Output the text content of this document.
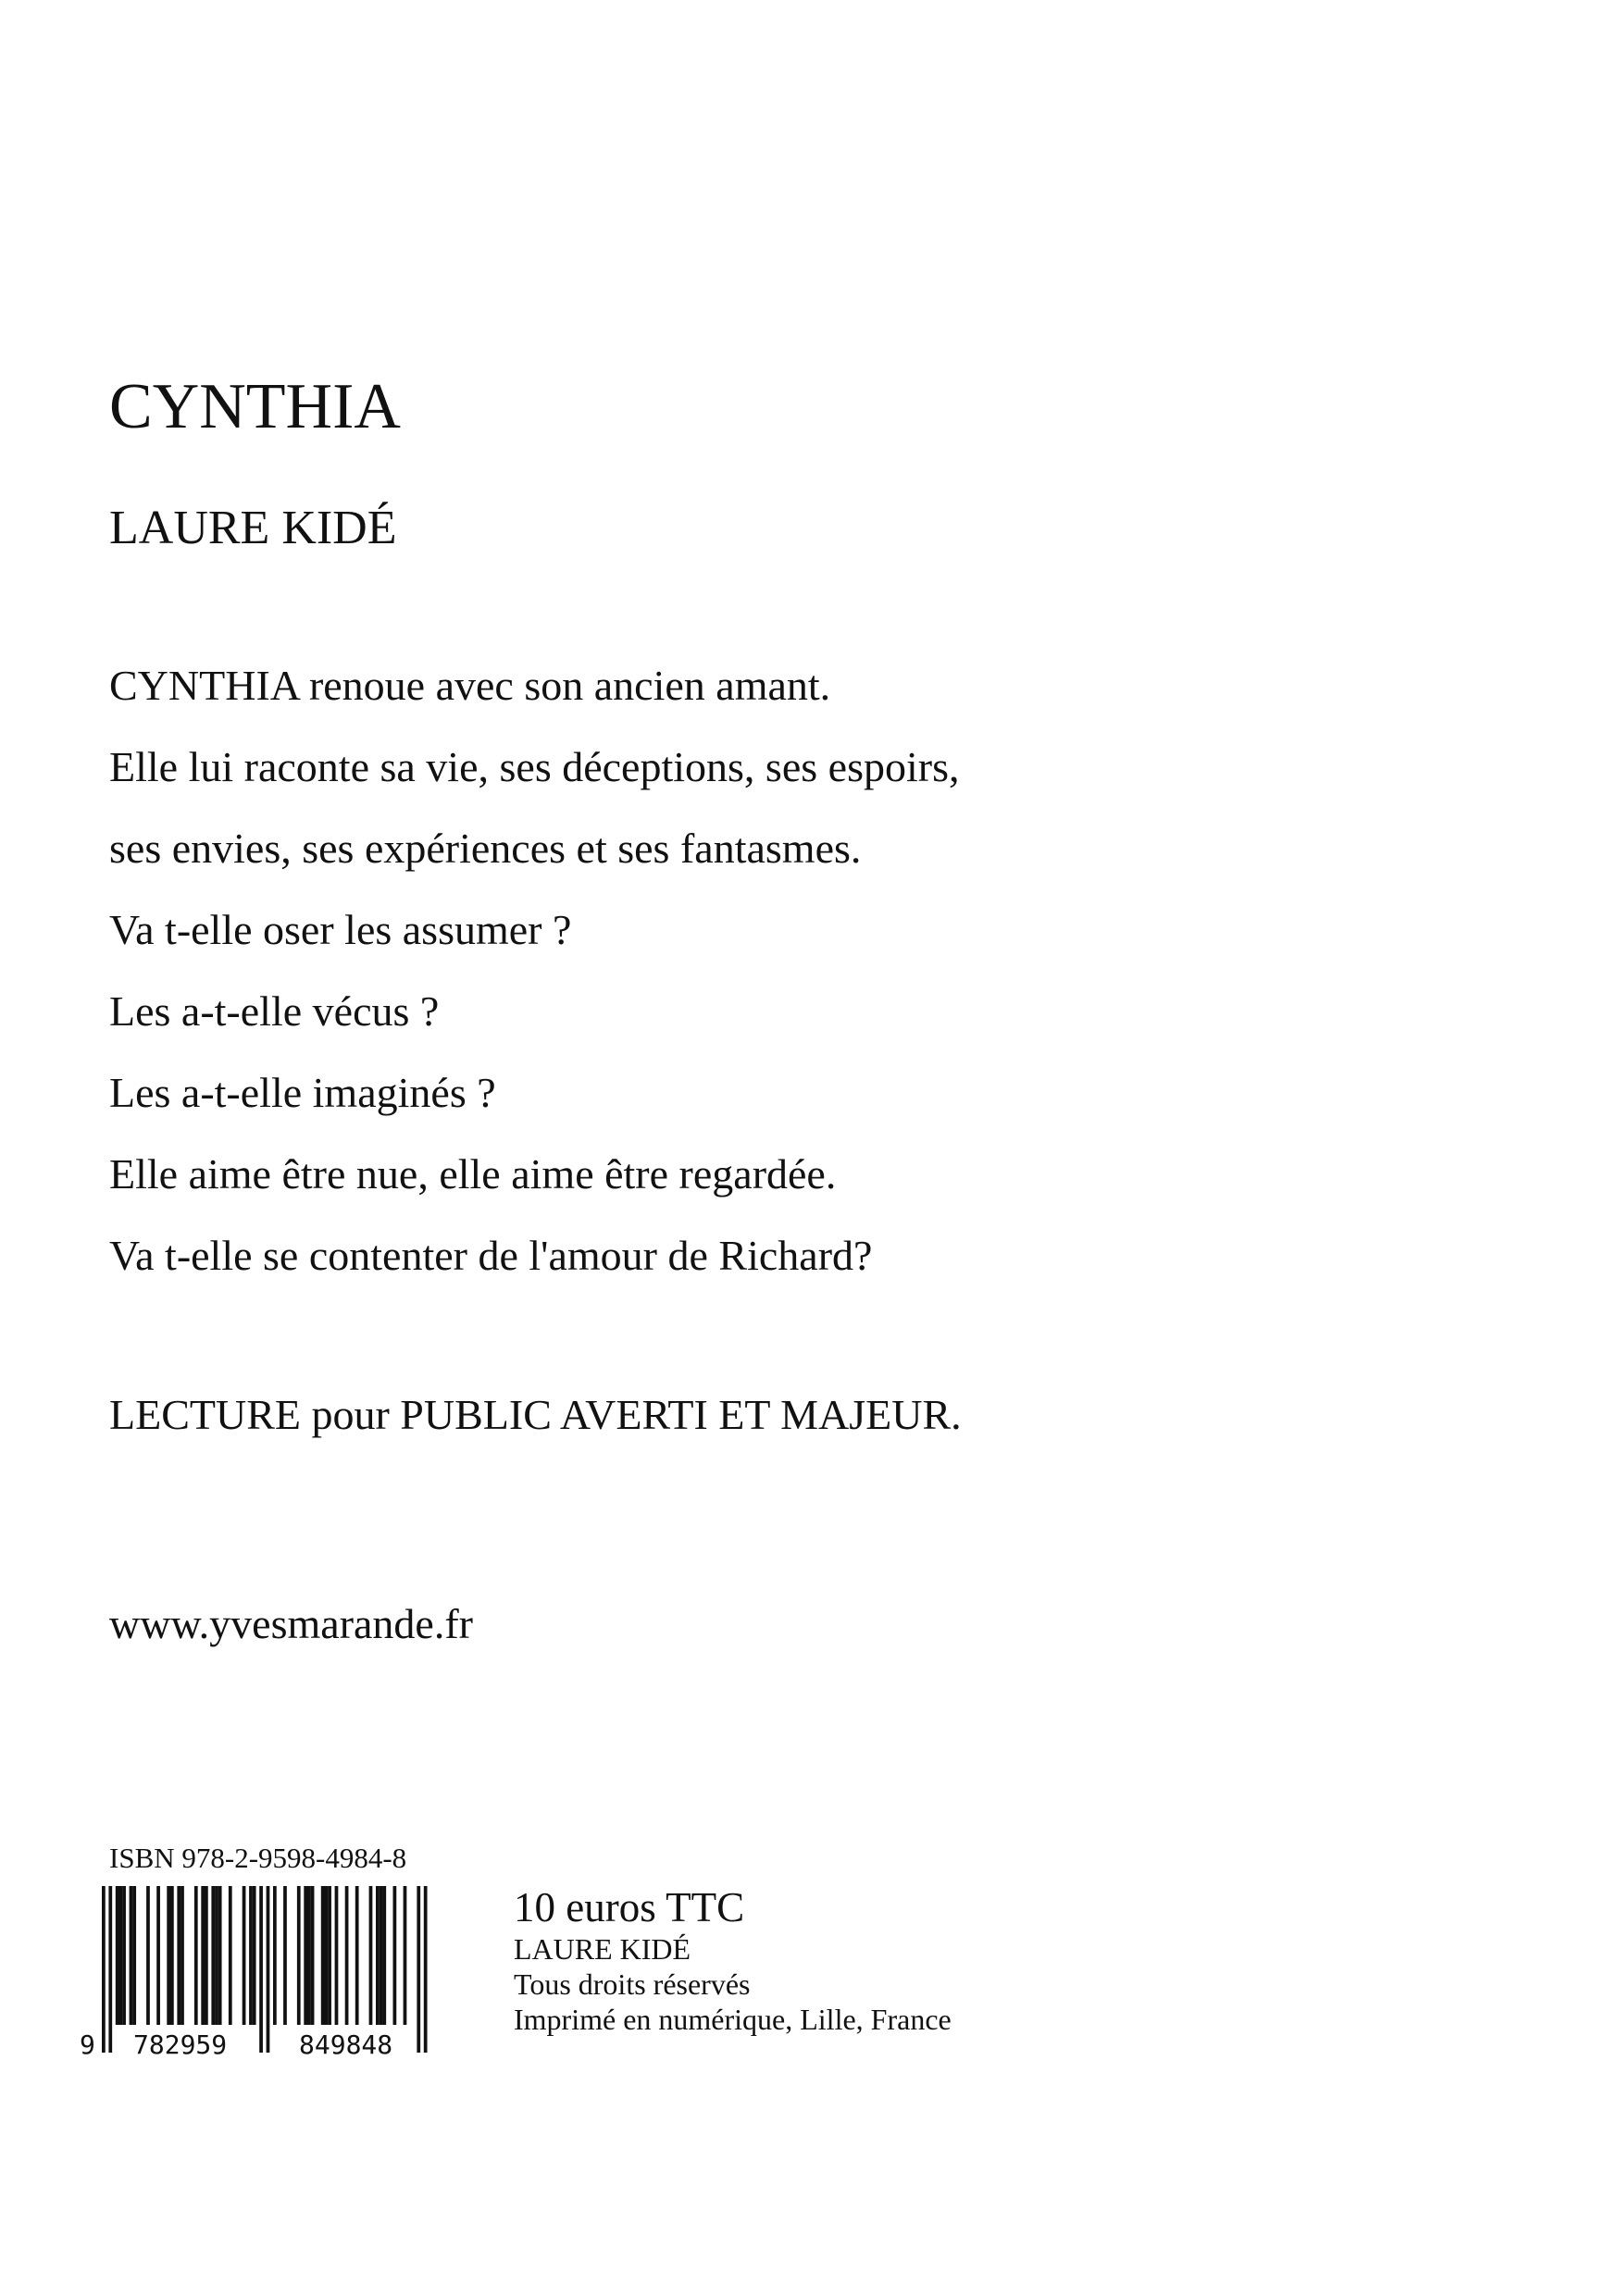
CYNTHIA
LAURE KIDÉ
CYNTHIA renoue avec son ancien amant.
Elle lui raconte sa vie, ses déceptions, ses espoirs,
ses envies, ses expériences et ses fantasmes.
Va t-elle oser les assumer ?
Les a-t-elle vécus ?
Les a-t-elle imaginés ?
Elle aime être nue, elle aime être regardée.
Va t-elle se contenter de l'amour de Richard?
LECTURE pour PUBLIC AVERTI ET MAJEUR.
www.yvesmarande.fr
ISBN 978-2-9598-4984-8
9 782959	849848
10 euros TTC
LAURE KIDÉ
Tous droits réservés
Imprimé en numérique, Lille, France
